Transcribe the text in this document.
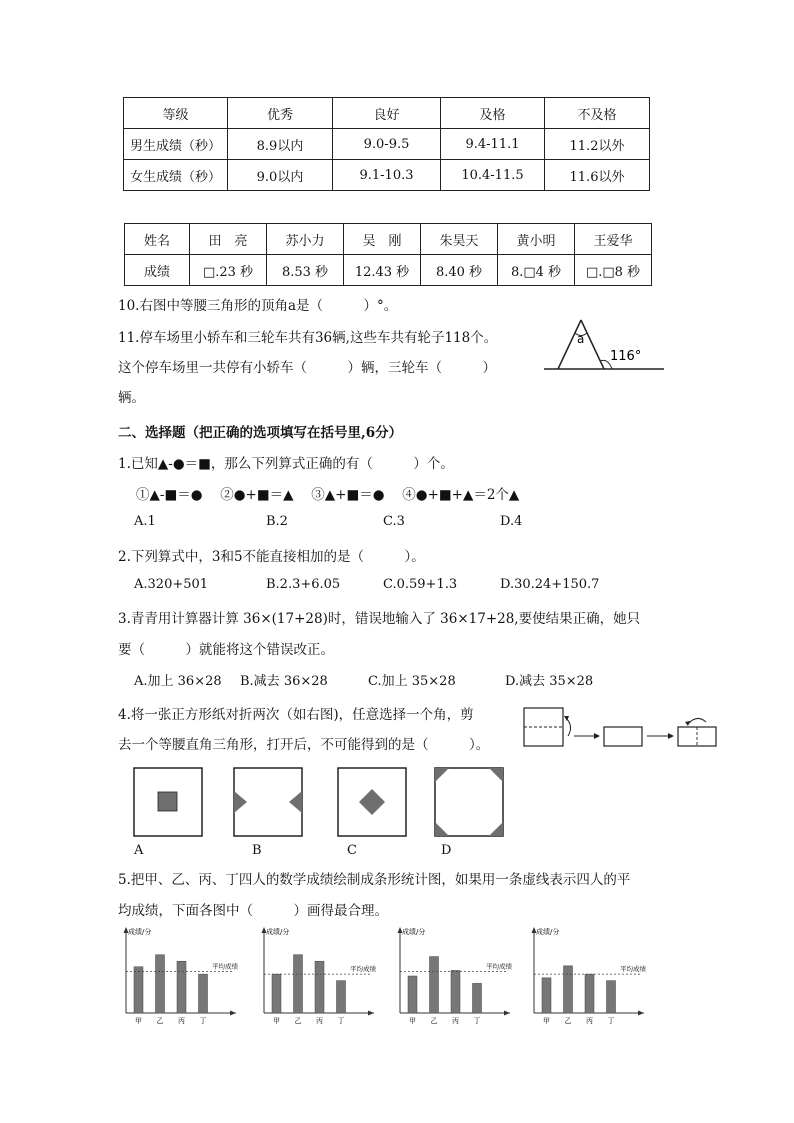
等级	优秀	良好	及格	不及格
男生成绩（秒）	8.9以内	9.0-9.5	9.4-11.1	11.2以外
女生成绩（秒）	9.0以内	9.1-10.3	10.4-11.5	11.6以外
姓名	田　亮	苏小力	吴　刚	朱昊天	黄小明	王爱华
成绩	□.23 秒	8.53 秒	12.43 秒	8.40 秒	8.□4 秒	□.□8 秒
10.右图中等腰三角形的顶角a是（　　　）°。
11.停车场里小轿车和三轮车共有36辆,这些车共有轮子118个。
这个停车场里一共停有小轿车（　　　）辆，三轮车（　　　）
辆。
a
116°
二、选择题（把正确的选项填写在括号里,6分）
1.已知▲-●＝■，那么下列算式正确的有（　　　）个。
①▲-■＝●　 ②●+■＝▲　 ③▲+■＝●　 ④●+■+▲＝2个▲
A.1	B.2	C.3	D.4
2.下列算式中，3和5不能直接相加的是（　　　）。
A.320+501	B.2.3+6.05	C.0.59+1.3	D.30.24+150.7
3.青青用计算器计算 36×(17+28)时，错误地输入了 36×17+28,要使结果正确，她只
要（　　　）就能将这个错误改正。
A.加上 36×28 B.减去 36×28	C.加上 35×28	D.减去 35×28
4.将一张正方形纸对折两次（如右图)，任意选择一个角，剪
去一个等腰直角三角形，打开后，不可能得到的是（　　　）。
A	B	C	D
5.把甲、乙、丙、丁四人的数学成绩绘制成条形统计图，如果用一条虚线表示四人的平
均成绩，下面各图中（　　　）画得最合理。
成绩/分
甲 乙 丙 丁
平均成绩
成绩/分
甲 乙 丙 丁
平均成绩
成绩/分
甲 乙 丙 丁
平均成绩
成绩/分
甲 乙 丙 丁
平均成绩
